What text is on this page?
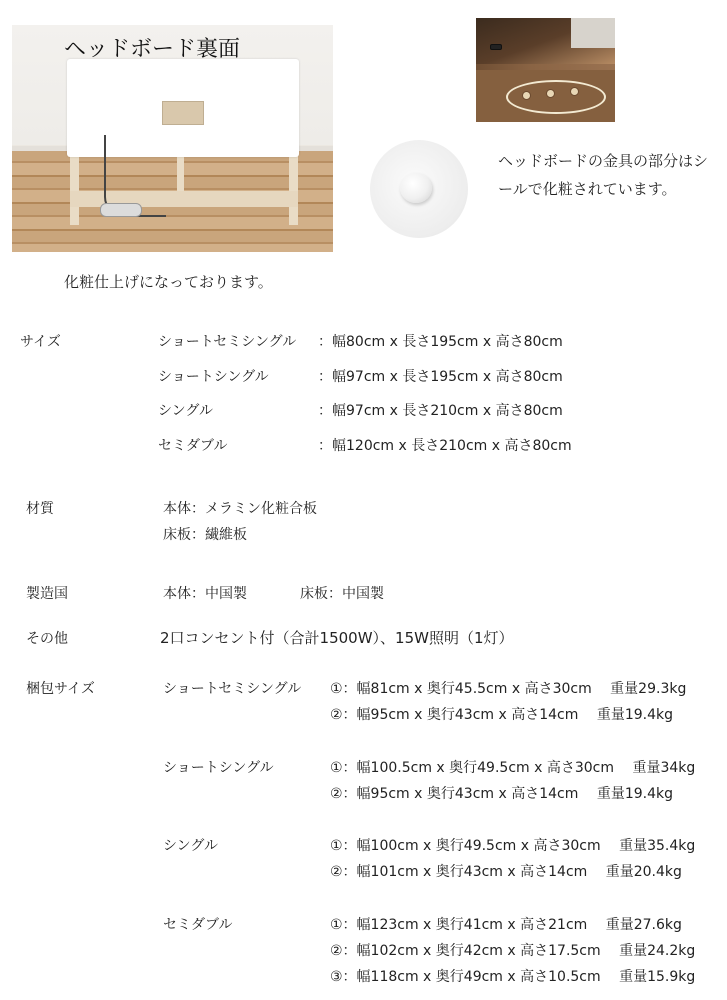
ヘッドボード裏面
ヘッドボードの金具の部分はシールで化粧されています。
化粧仕上げになっております。
サイズ	ショートセミシングル ：幅80cm x 長さ195cm x 高さ80cm
ショートシングル	：幅97cm x 長さ195cm x 高さ80cm
シングル	：幅97cm x 長さ210cm x 高さ80cm
セミダブル	：幅120cm x 長さ210cm x 高さ80cm
材質	本体：メラミン化粧合板
床板：繊維板
製造国	本体：中国製	床板：中国製
その他	2口コンセント付（合計1500W）、15W照明（1灯）
梱包サイズ	ショートセミシングル ①：幅81cm x 奥行45.5cm x 高さ30cm　 重量29.3kg
②：幅95cm x 奥行43cm x 高さ14cm　 重量19.4kg
ショートシングル	①：幅100.5cm x 奥行49.5cm x 高さ30cm　 重量34kg
②：幅95cm x 奥行43cm x 高さ14cm　 重量19.4kg
シングル	①：幅100cm x 奥行49.5cm x 高さ30cm　 重量35.4kg
②：幅101cm x 奥行43cm x 高さ14cm　 重量20.4kg
セミダブル	①：幅123cm x 奥行41cm x 高さ21cm　 重量27.6kg
②：幅102cm x 奥行42cm x 高さ17.5cm　 重量24.2kg
③：幅118cm x 奥行49cm x 高さ10.5cm　 重量15.9kg
